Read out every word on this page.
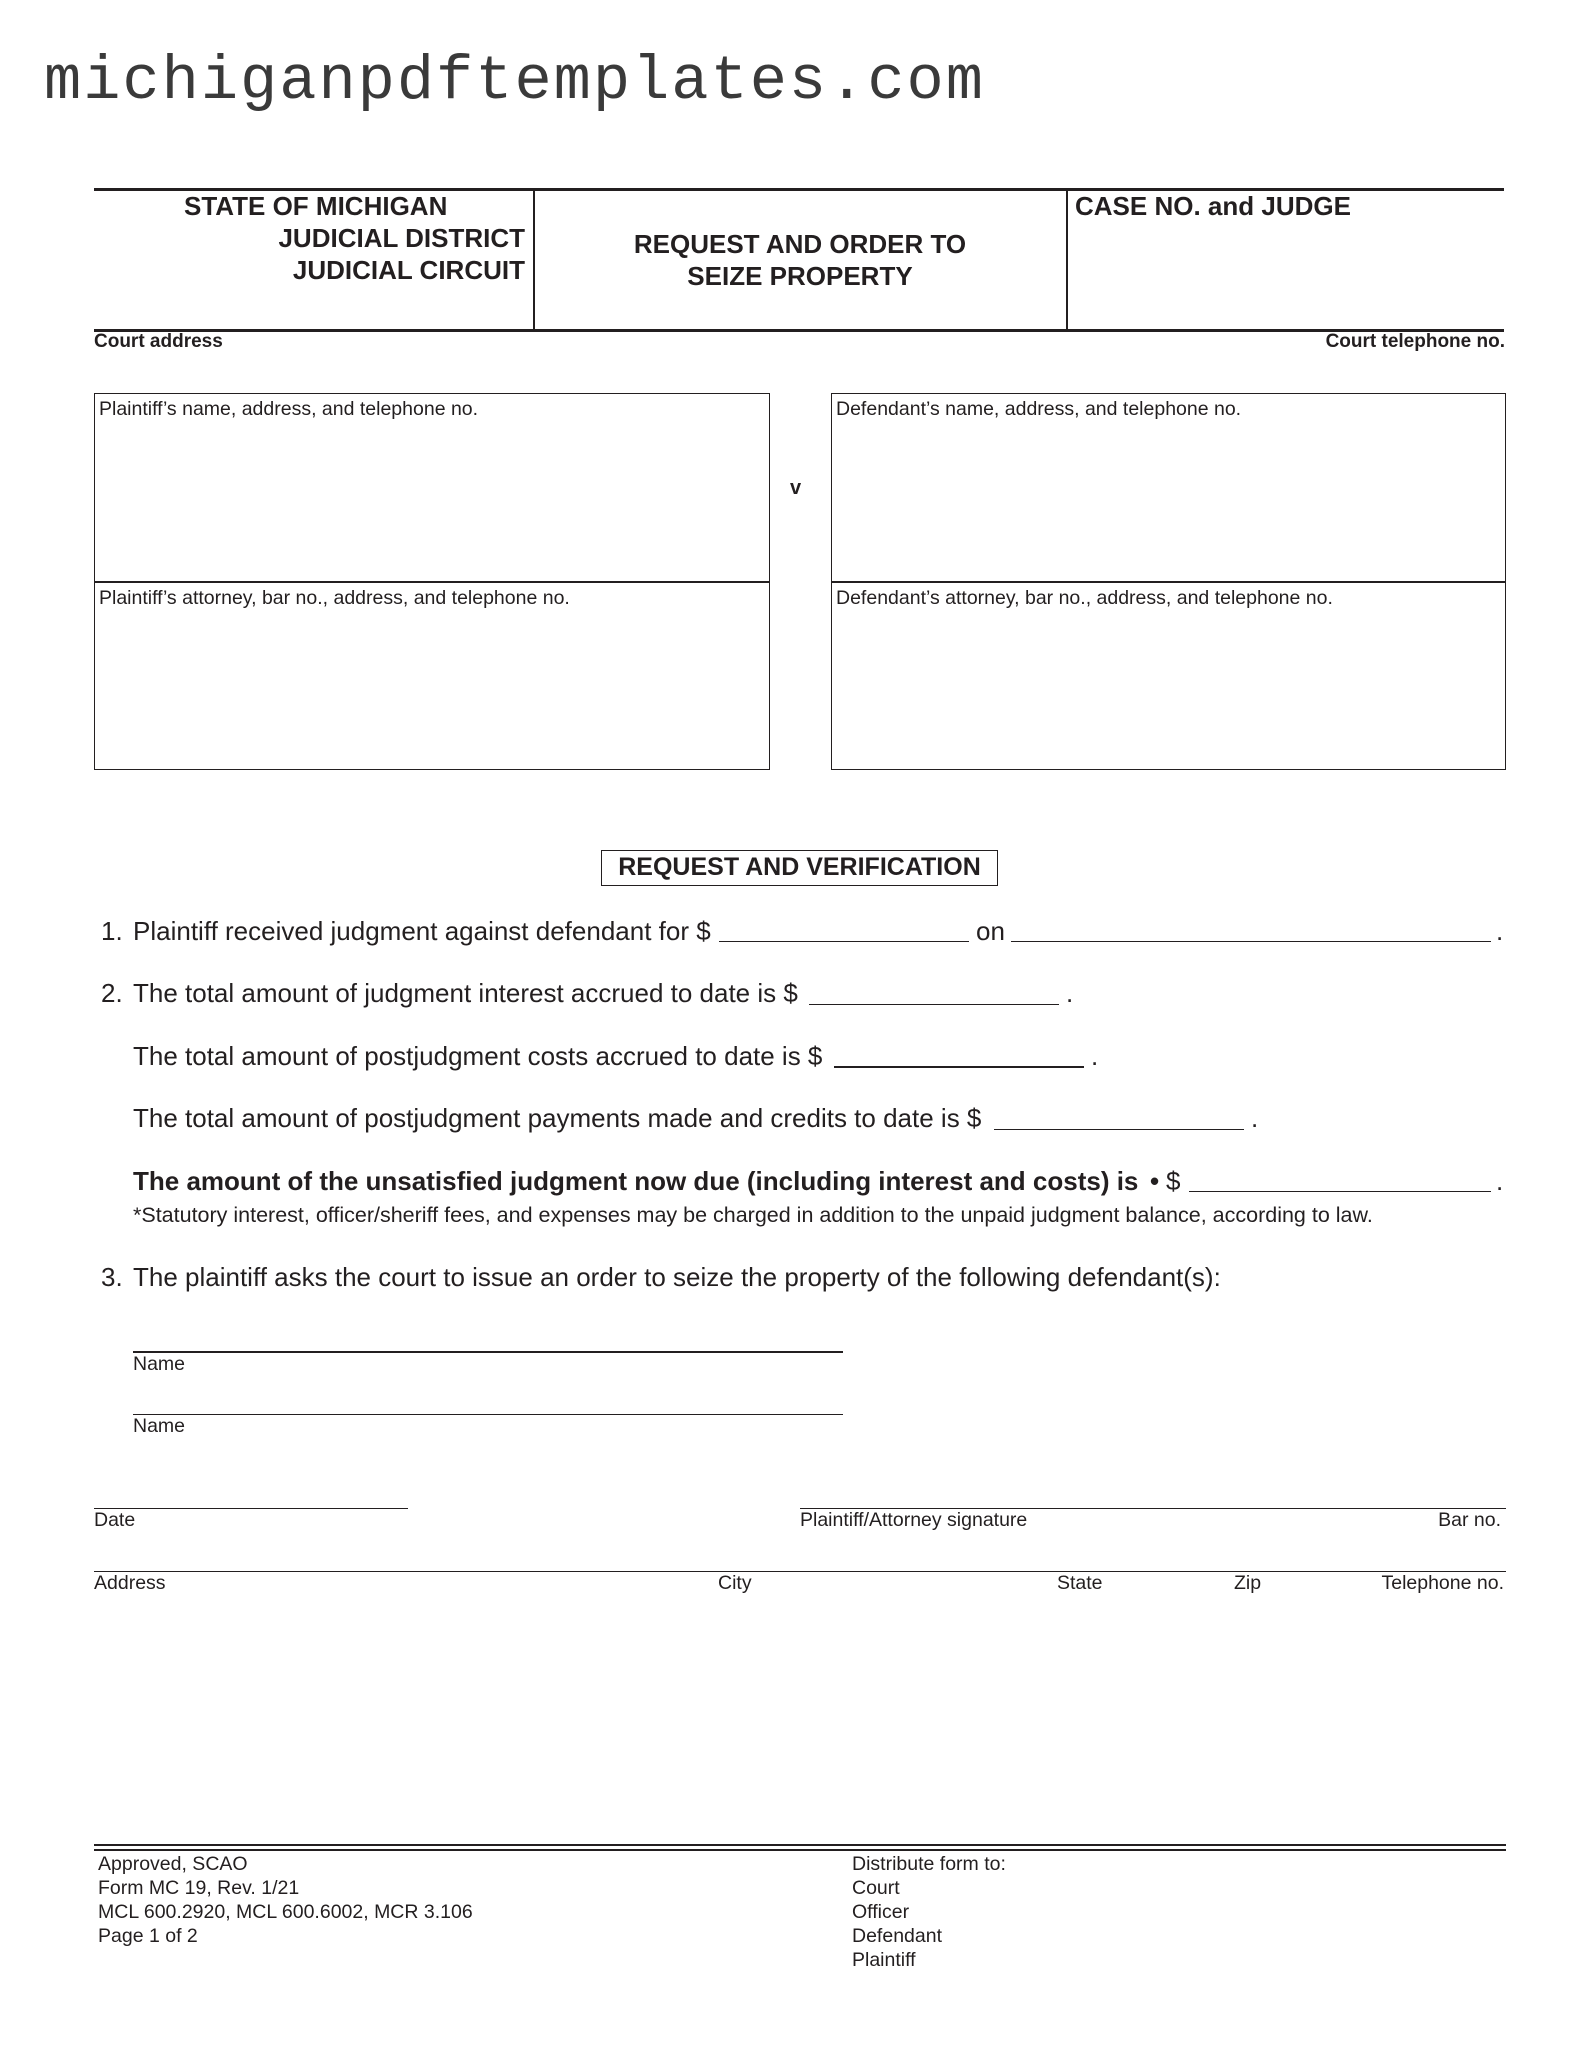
michiganpdftemplates.com
STATE OF MICHIGAN
JUDICIAL DISTRICT
JUDICIAL CIRCUIT
REQUEST AND ORDER TO
SEIZE PROPERTY
CASE NO. and JUDGE
Court address	Court telephone no.
Plaintiff’s name, address, and telephone no.
Plaintiff’s attorney, bar no., address, and telephone no.
v
Defendant’s name, address, and telephone no.
Defendant’s attorney, bar no., address, and telephone no.
REQUEST AND VERIFICATION
1. Plaintiff received judgment against defendant for $	on	.
2. The total amount of judgment interest accrued to date is $	.
The total amount of postjudgment costs accrued to date is $	.
The total amount of postjudgment payments made and credits to date is $	.
The amount of the unsatisfied judgment now due (including interest and costs) is • $	.
*Statutory interest, officer/sheriff fees, and expenses may be charged in addition to the unpaid judgment balance, according to law.
3. The plaintiff asks the court to issue an order to seize the property of the following defendant(s):
Name
Name
Date	Plaintiff/Attorney signature	Bar no.
Address	City	State	Zip	Telephone no.
Approved, SCAO
Form MC 19, Rev. 1/21
MCL 600.2920, MCL 600.6002, MCR 3.106
Page 1 of 2
Distribute form to:
Court
Officer
Defendant
Plaintiff
